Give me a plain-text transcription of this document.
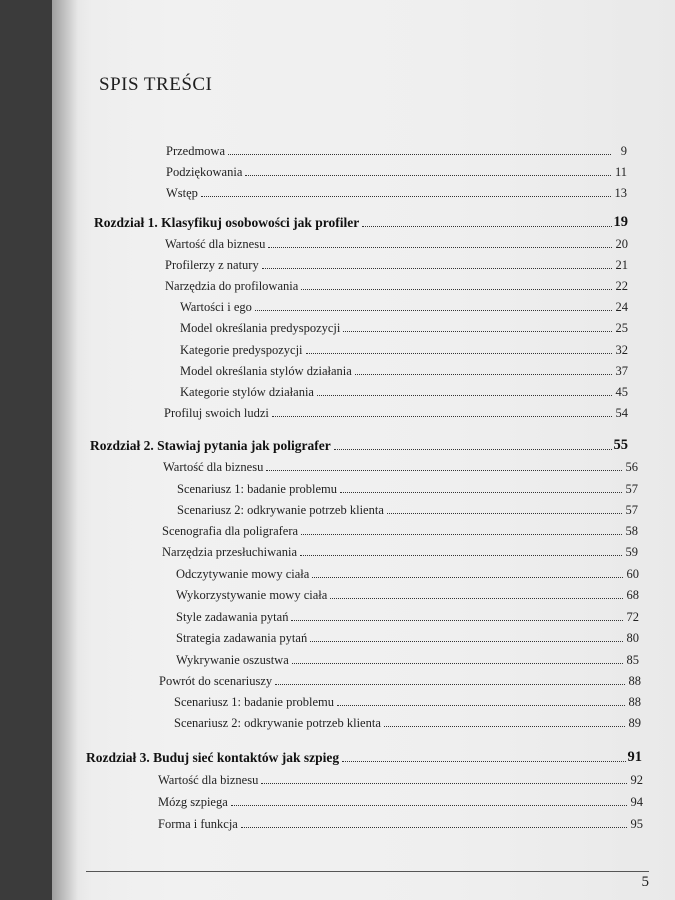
SPIS TREŚCI
Przedmowa	9
Podziękowania	11
Wstęp	13
Rozdział 1. Klasyfikuj osobowości jak profiler	19
Wartość dla biznesu	20
Profilerzy z natury	21
Narzędzia do profilowania	22
Wartości i ego	24
Model określania predyspozycji	25
Kategorie predyspozycji	32
Model określania stylów działania	37
Kategorie stylów działania	45
Profiluj swoich ludzi	54
Rozdział 2. Stawiaj pytania jak poligrafer	55
Wartość dla biznesu	56
Scenariusz 1: badanie problemu	57
Scenariusz 2: odkrywanie potrzeb klienta	57
Scenografia dla poligrafera	58
Narzędzia przesłuchiwania	59
Odczytywanie mowy ciała	60
Wykorzystywanie mowy ciała	68
Style zadawania pytań	72
Strategia zadawania pytań	80
Wykrywanie oszustwa	85
Powrót do scenariuszy	88
Scenariusz 1: badanie problemu	88
Scenariusz 2: odkrywanie potrzeb klienta	89
Rozdział 3. Buduj sieć kontaktów jak szpieg	91
Wartość dla biznesu	92
Mózg szpiega	94
Forma i funkcja	95
5
